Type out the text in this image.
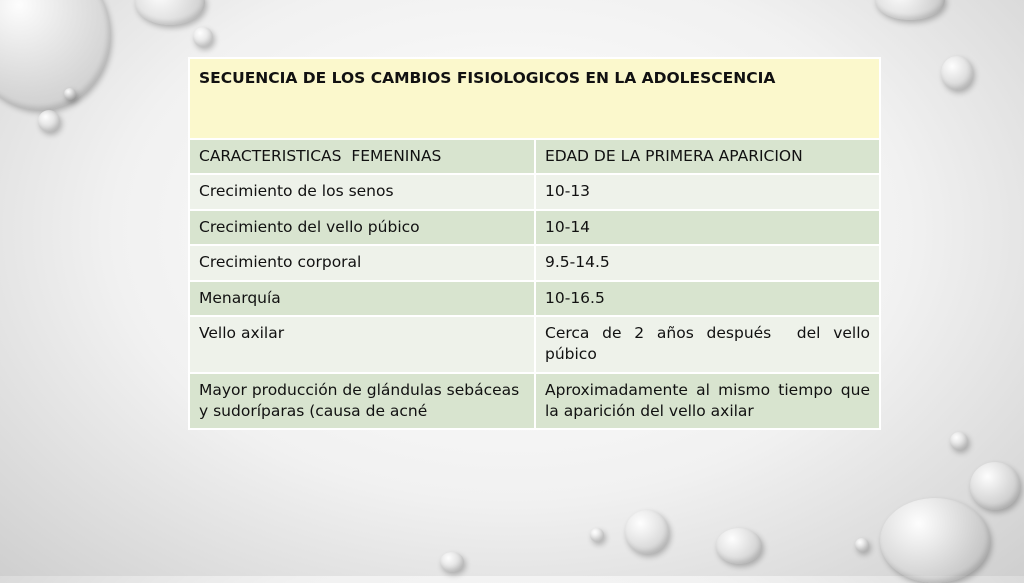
SECUENCIA DE LOS CAMBIOS FISIOLOGICOS EN LA ADOLESCENCIA	
CARACTERISTICAS  FEMENINAS	EDAD DE LA PRIMERA APARICION
Crecimiento de los senos	10-13
Crecimiento del vello púbico	10-14
Crecimiento corporal	9.5-14.5
Menarquía	10-16.5
Vello axilar	Cerca de 2 años después  del vello púbico
Mayor producción de glándulas sebáceas y sudoríparas (causa de acné	Aproximadamente al mismo tiempo que la aparición del vello axilar
